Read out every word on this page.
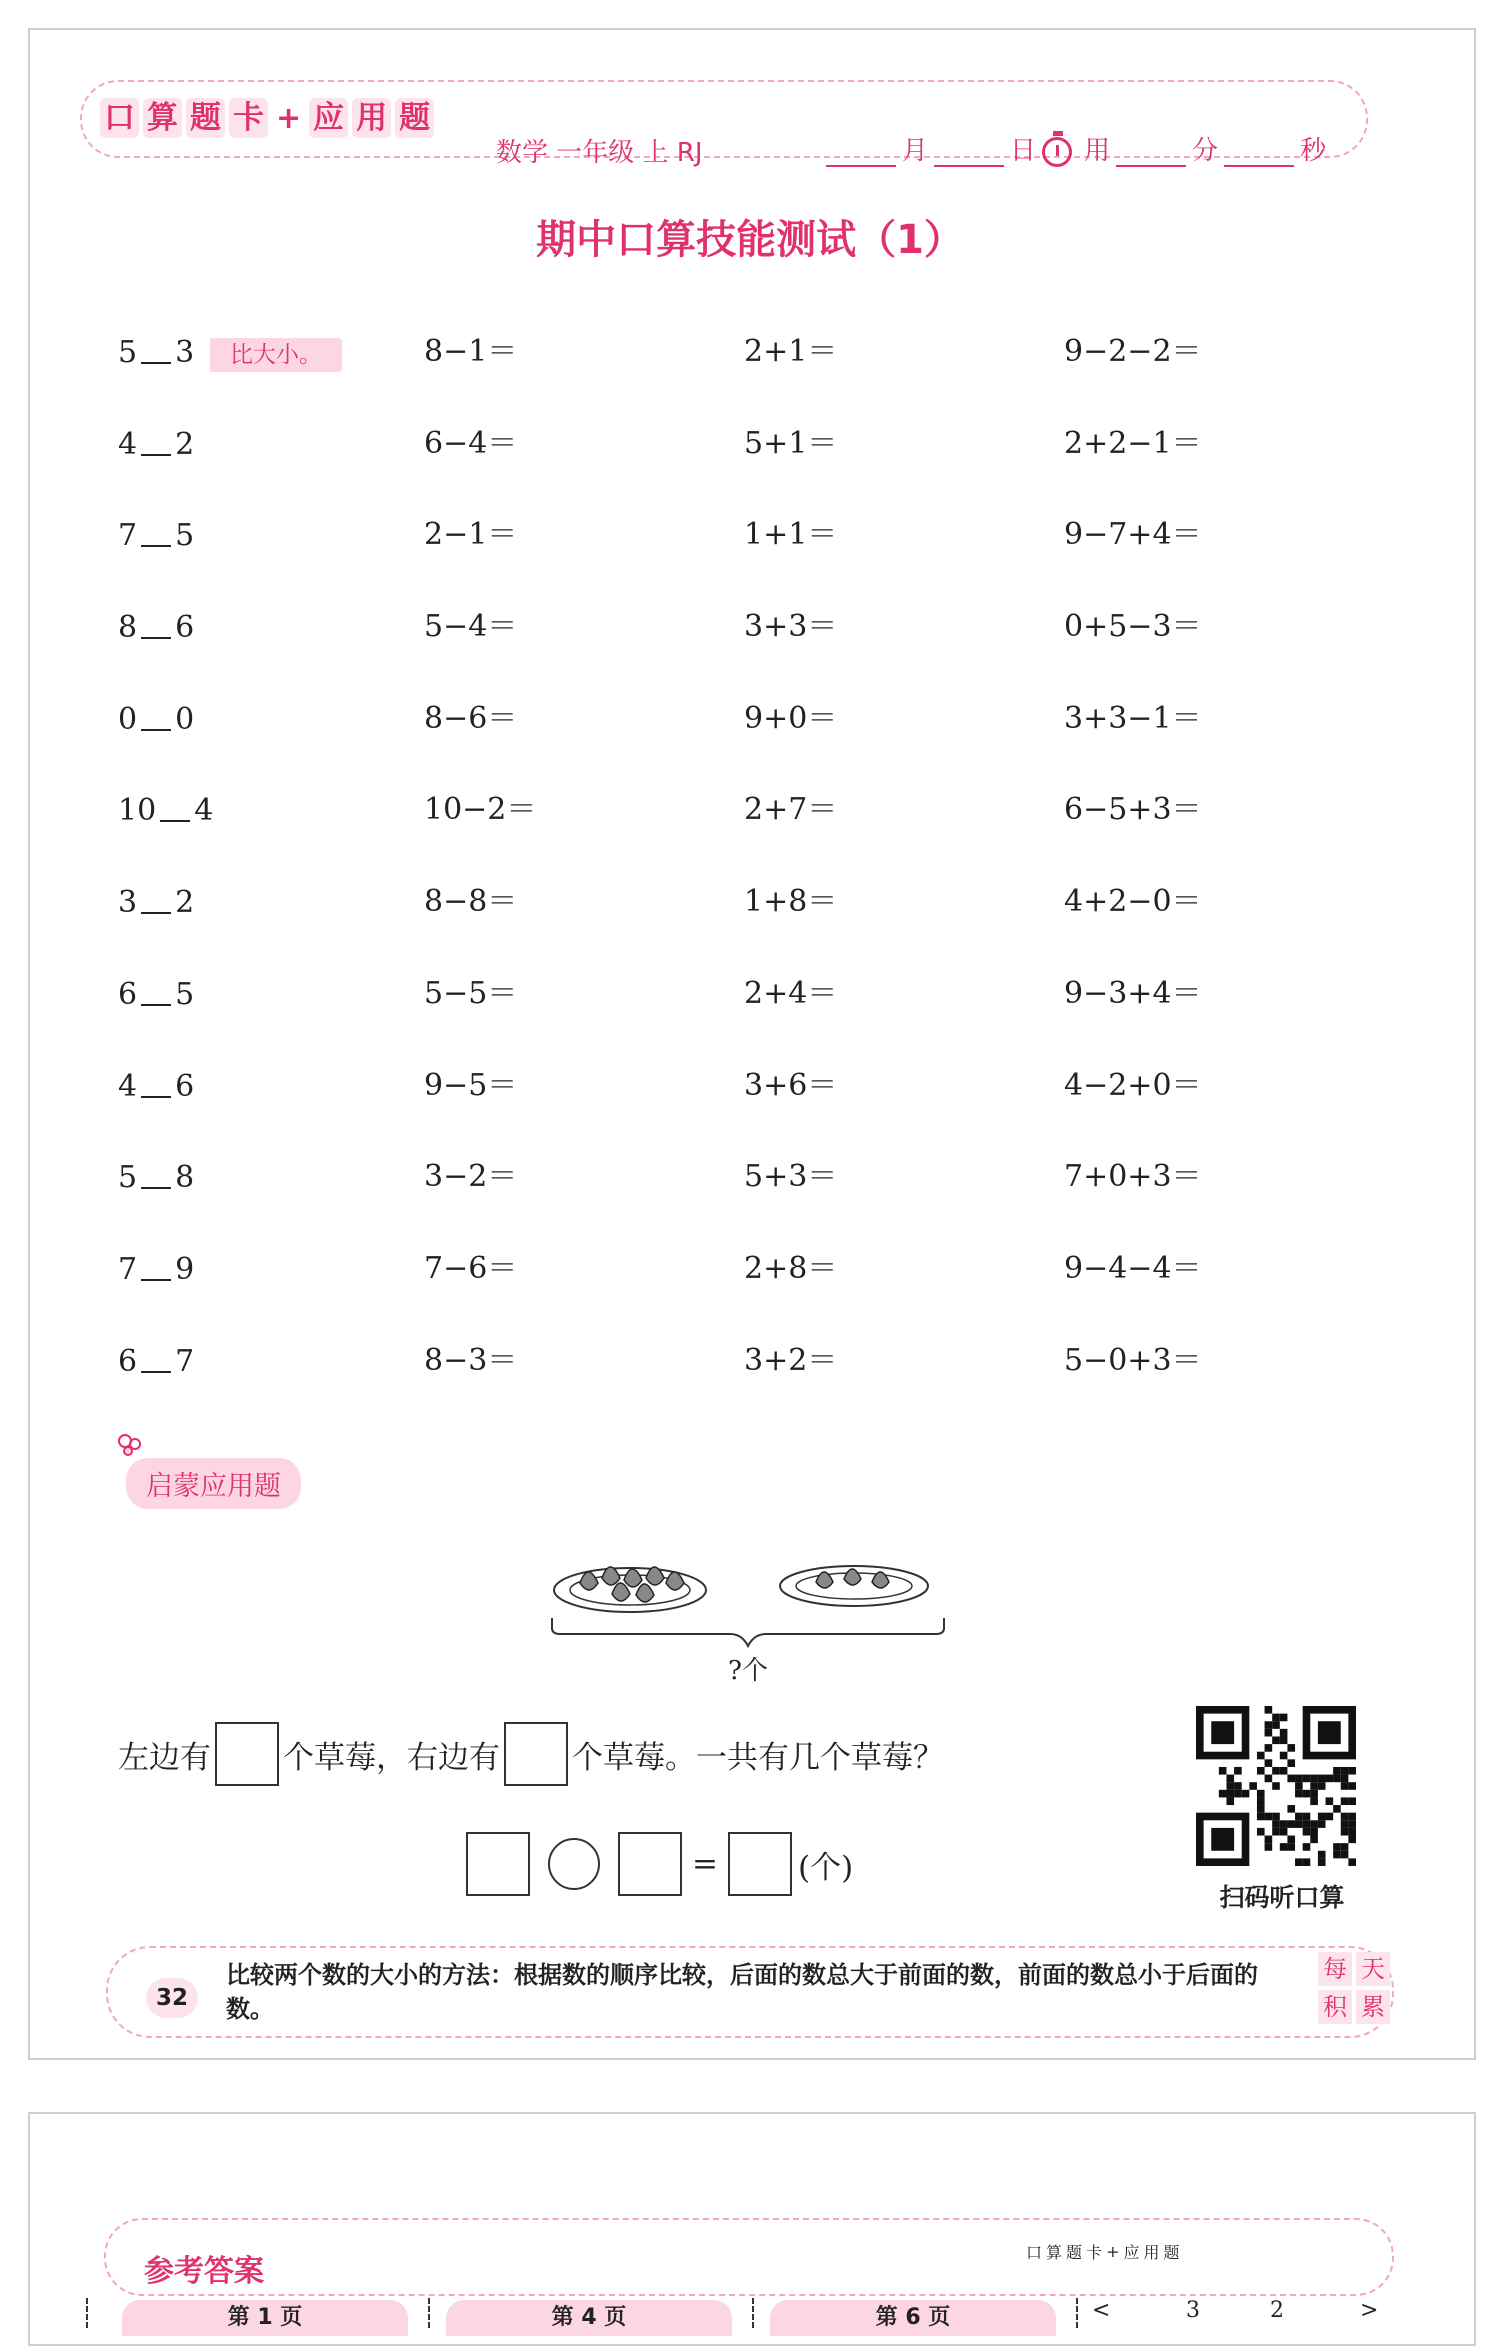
口 算 题 卡 + 应 用 题
数学 一年级 上 RJ	月	日 用	分	秒
期中口算技能测试（1）
5 3	比大小。	8−1＝	2+1＝	9−2−2＝
4 2	6−4＝	5+1＝	2+2−1＝
7 5	2−1＝	1+1＝	9−7+4＝
8 6	5−4＝	3+3＝	0+5−3＝
0 0	8−6＝	9+0＝	3+3−1＝
10 4	10−2＝	2+7＝	6−5+3＝
3 2	8−8＝	1+8＝	4+2−0＝
6 5	5−5＝	2+4＝	9−3+4＝
4 6	9−5＝	3+6＝	4−2+0＝
5 8	3−2＝	5+3＝	7+0+3＝
7 9	7−6＝	2+8＝	9−4−4＝
6 7	8−3＝	3+2＝	5−0+3＝
启蒙应用题
?个
左边有 个草莓，右边有 个草莓。一共有几个草莓？
=	(个)
扫码听口算
32
比较两个数的大小的方法：根据数的顺序比较，后面的数总大于前面的数，前面的数总小于后面的数。
每 天
积 累
参考答案
口 算 题 卡 + 应 用 题
第 1 页	第 4 页	第 6 页	<	3	2	>
